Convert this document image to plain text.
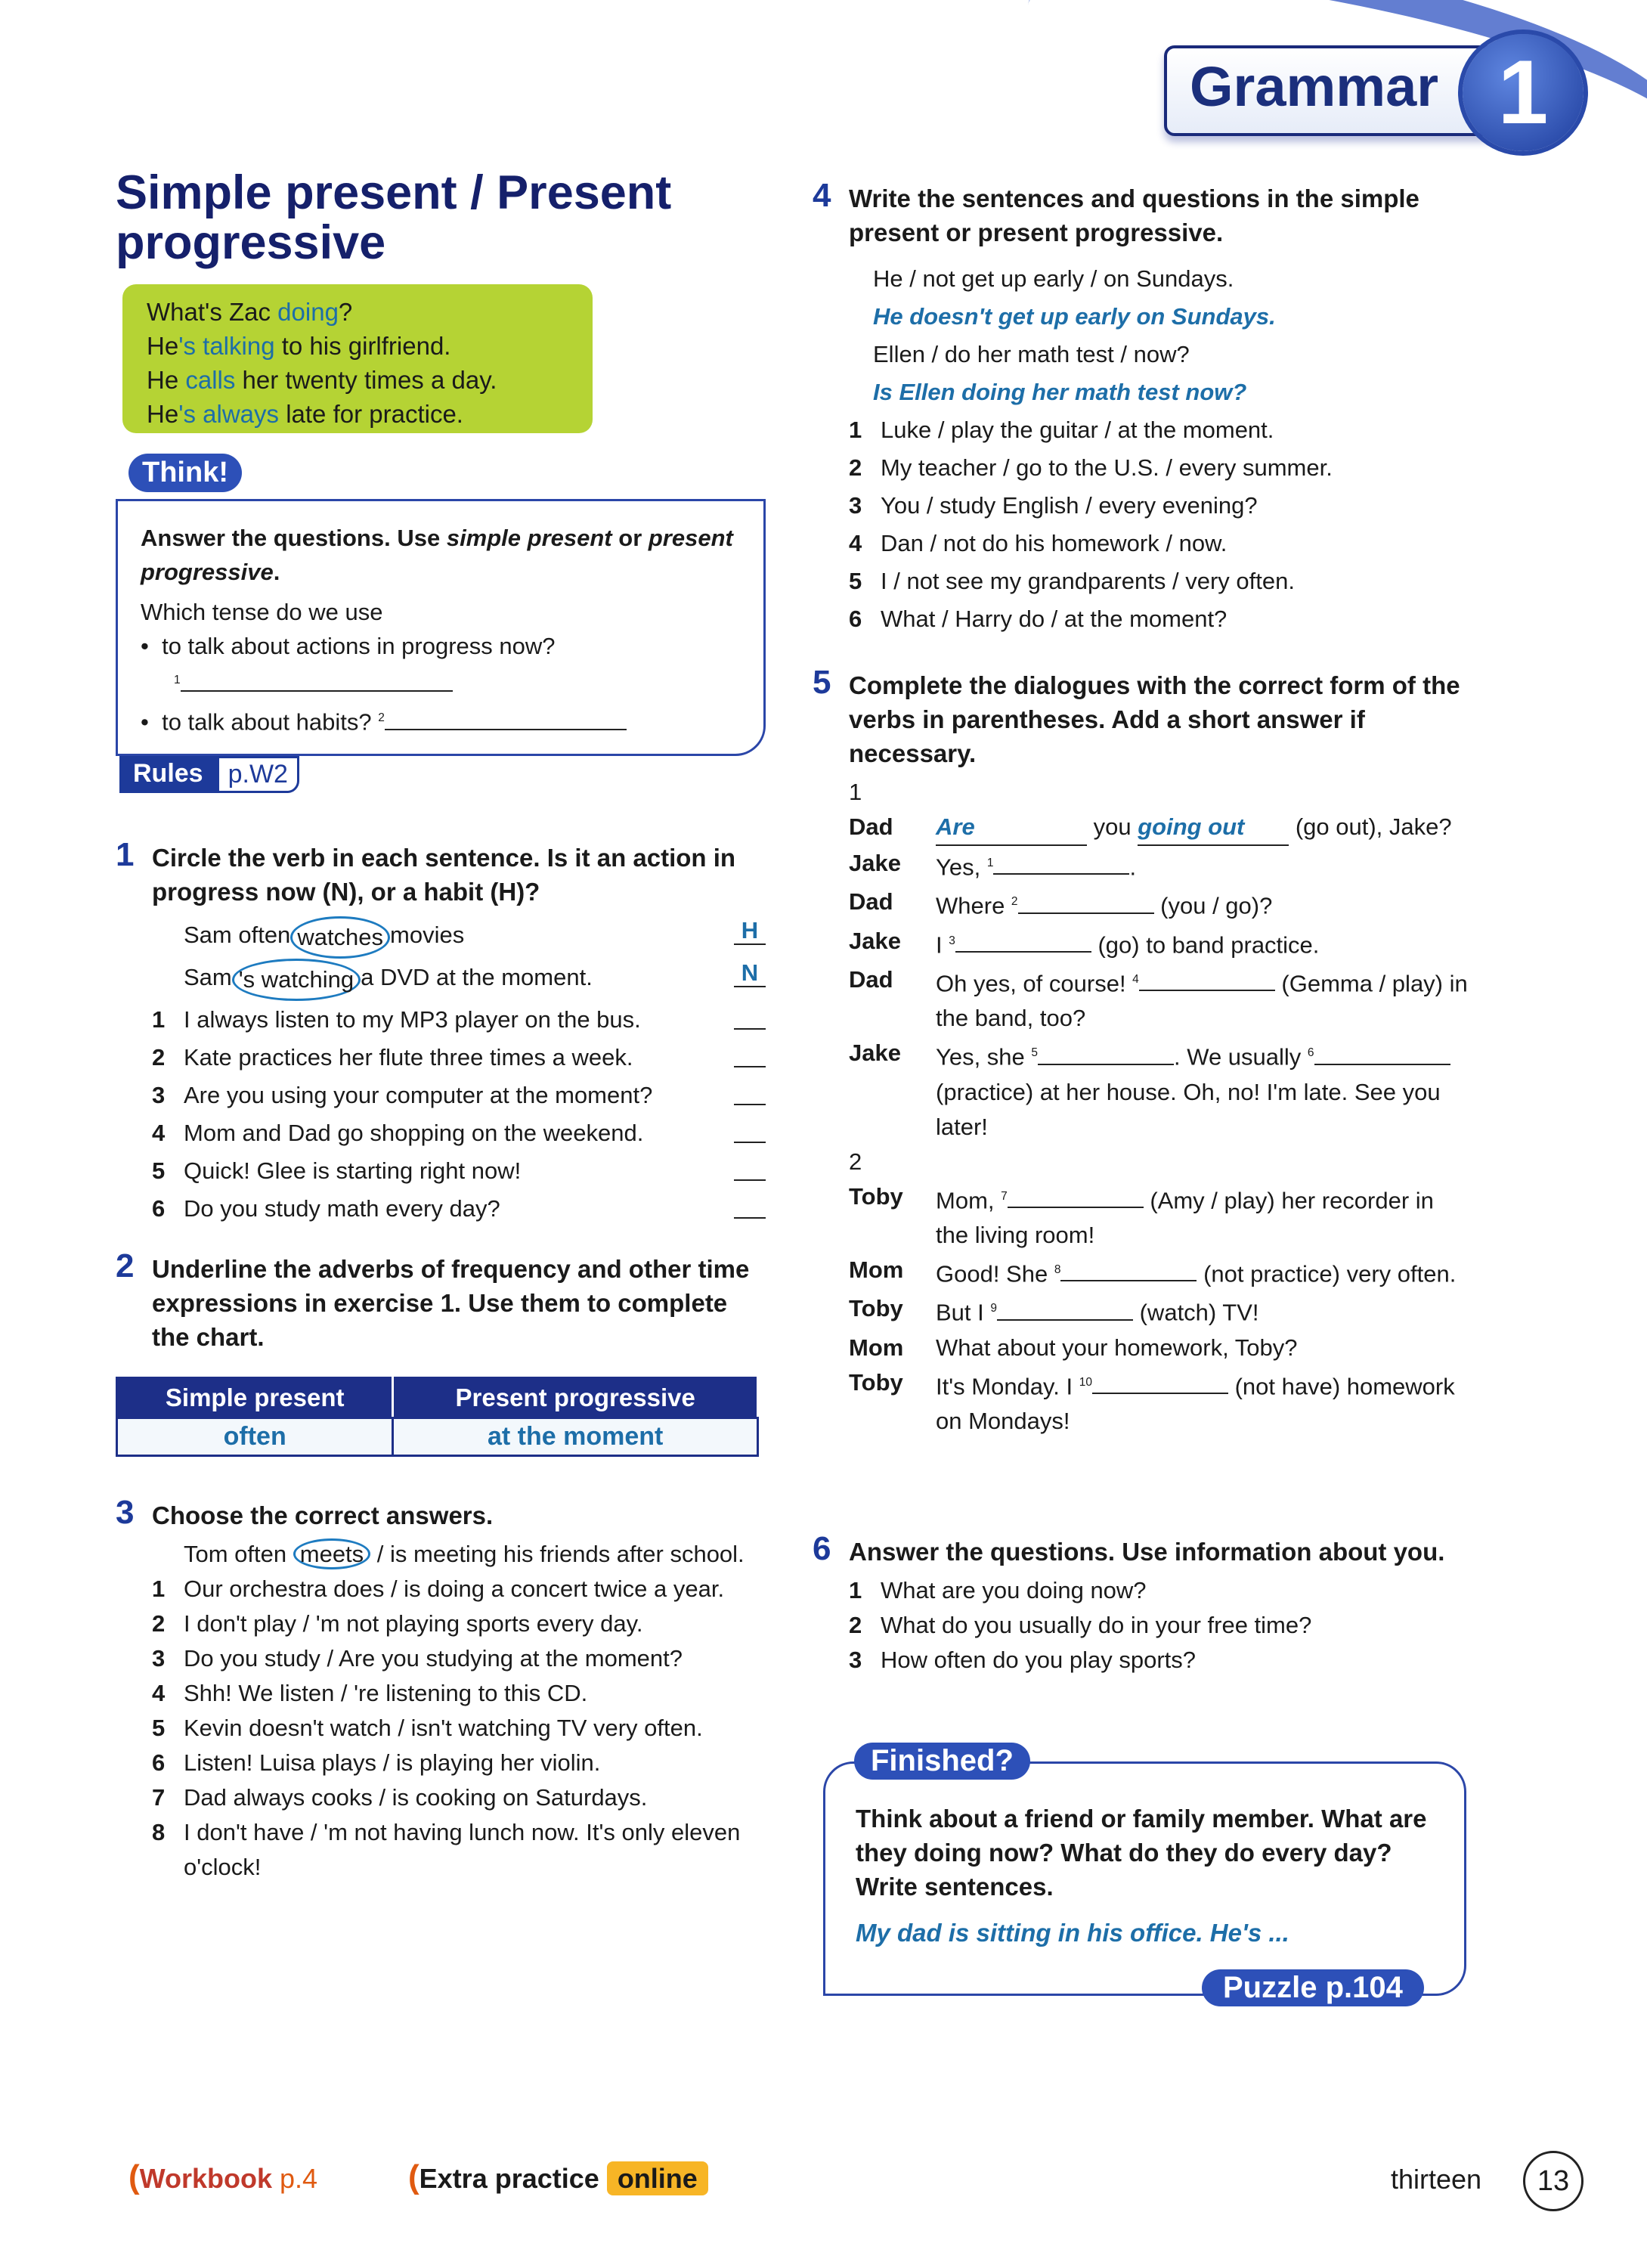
Grammar 1
Simple present / Present progressive
What's Zac doing?
He's talking to his girlfriend.
He calls her twenty times a day.
He's always late for practice.
Answer the questions. Use simple present or present progressive.
Which tense do we use
•  to talk about actions in progress now?
$^1$
•  to talk about habits? $^2$
Think!
Rules p.W2
1 Circle the verb in each sentence. Is it an action in progress now (N), or a habit (H)?
Sam often watches movies	H
Sam 's watching a DVD at the moment.	N
1 I always listen to my MP3 player on the bus.
2 Kate practices her flute three times a week.
3 Are you using your computer at the moment?
4 Mom and Dad go shopping on the weekend.
5 Quick! Glee is starting right now!
6 Do you study math every day?
2 Underline the adverbs of frequency and other time expressions in exercise 1. Use them to complete the chart.
Simple present	Present progressive
often	at the moment
3 Choose the correct answers.
Tom often meets / is meeting his friends after school.
1 Our orchestra does / is doing a concert twice a year.
2 I don't play / 'm not playing sports every day.
3 Do you study / Are you studying at the moment?
4 Shh! We listen / 're listening to this CD.
5 Kevin doesn't watch / isn't watching TV very often.
6 Listen! Luisa plays / is playing her violin.
7 Dad always cooks / is cooking on Saturdays.
8 I don't have / 'm not having lunch now. It's only eleven o'clock!
4 Write the sentences and questions in the simple present or present progressive.
He / not get up early / on Sundays.
He doesn't get up early on Sundays.
Ellen / do her math test / now?
Is Ellen doing her math test now?
1 Luke / play the guitar / at the moment.
2 My teacher / go to the U.S. / every summer.
3 You / study English / every evening?
4 Dan / not do his homework / now.
5 I / not see my grandparents / very often.
6 What / Harry do / at the moment?
5 Complete the dialogues with the correct form of the verbs in parentheses. Add a short answer if necessary.
1
Dad	Are	you going out (go out), Jake?
Jake	Yes, $^1$	.
Dad	Where $^2$	(you / go)?
Jake	I $^3$	(go) to band practice.
Dad	Oh yes, of course! $^4$	(Gemma / play) in the band, too?
Jake	Yes, she $^5$	. We usually $^6$ (practice) at her house. Oh, no! I'm late. See you later!
2
Toby	Mom, $^7$	(Amy / play) her recorder in the living room!
Mom	Good! She $^8$	(not practice) very often.
Toby	But I $^9$	(watch) TV!
Mom	What about your homework, Toby?
Toby	It's Monday. I $^{10}$	(not have) homework on Mondays!
6 Answer the questions. Use information about you.
1 What are you doing now?
2 What do you usually do in your free time?
3 How often do you play sports?
Think about a friend or family member. What are they doing now? What do they do every day? Write sentences.
My dad is sitting in his office. He's ...
Finished?
Puzzle p.104
(Workbook p.4	(Extra practice online	thirteen	13
